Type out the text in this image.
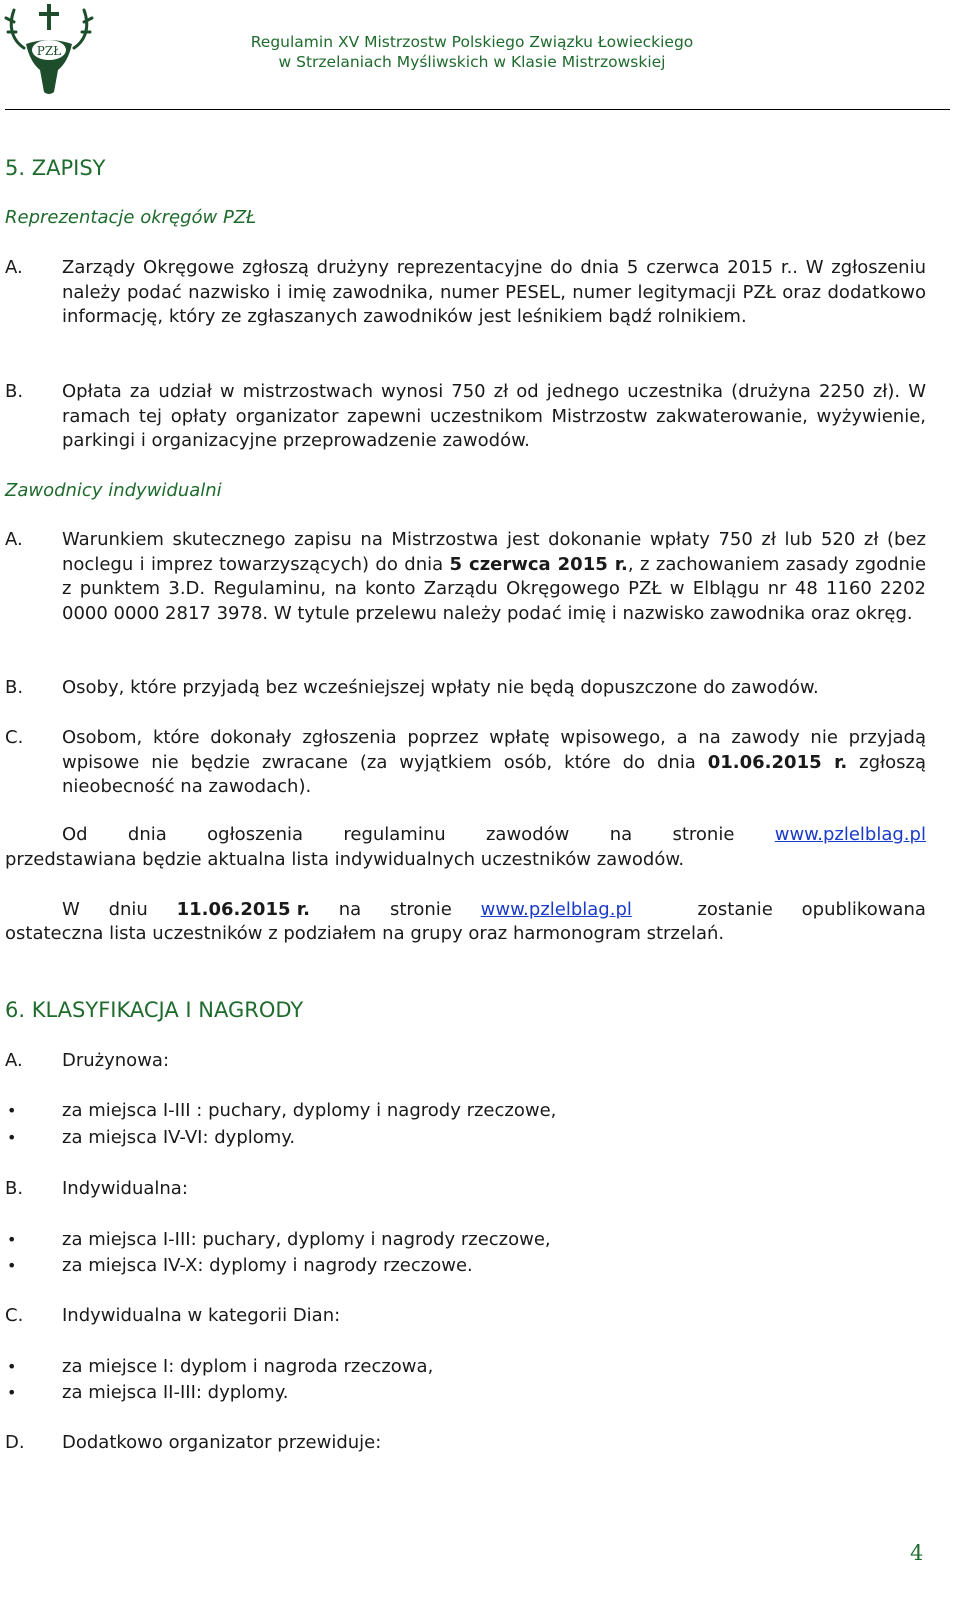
PZŁ	Regulamin XV Mistrzostw Polskiego Związku Łowieckiego
w Strzelaniach Myśliwskich w Klasie Mistrzowskiej
5. ZAPISY
Reprezentacje okręgów PZŁ
A. Zarządy Okręgowe zgłoszą drużyny reprezentacyjne do dnia 5 czerwca 2015 r.. W zgłoszeniu należy podać nazwisko i imię zawodnika, numer PESEL, numer legitymacji PZŁ oraz dodatkowo informację, który ze zgłaszanych zawodników jest leśnikiem bądź rolnikiem.
B. Opłata za udział w mistrzostwach wynosi 750 zł od jednego uczestnika (drużyna 2250 zł). W ramach tej opłaty organizator zapewni uczestnikom Mistrzostw zakwaterowanie, wyżywienie, parkingi i organizacyjne przeprowadzenie zawodów.
Zawodnicy indywidualni
A. Warunkiem skutecznego zapisu na Mistrzostwa jest dokonanie wpłaty 750 zł lub 520 zł (bez noclegu i imprez towarzyszących) do dnia 5 czerwca 2015 r., z zachowaniem zasady zgodnie z punktem 3.D. Regulaminu, na konto Zarządu Okręgowego PZŁ w Elblągu nr 48 1160 2202 0000 0000 2817 3978. W tytule przelewu należy podać imię i nazwisko zawodnika oraz okręg.
B. Osoby, które przyjadą bez wcześniejszej wpłaty nie będą dopuszczone do zawodów.
C. Osobom, które dokonały zgłoszenia poprzez wpłatę wpisowego, a na zawody nie przyjadą wpisowe nie będzie zwracane (za wyjątkiem osób, które do dnia 01.06.2015 r. zgłoszą nieobecność na zawodach).
Od dnia ogłoszenia regulaminu zawodów na stronie www.pzlelblag.pl
przedstawiana będzie aktualna lista indywidualnych uczestników zawodów.
W dniu 11.06.2015 r. na stronie www.pzlelblag.pl	zostanie opublikowana
ostateczna lista uczestników z podziałem na grupy oraz harmonogram strzelań.
6. KLASYFIKACJA I NAGRODY
A. Drużynowa:
•	za miejsca I-III : puchary, dyplomy i nagrody rzeczowe,
•	za miejsca IV-VI: dyplomy.
B. Indywidualna:
•	za miejsca I-III: puchary, dyplomy i nagrody rzeczowe,
•	za miejsca IV-X: dyplomy i nagrody rzeczowe.
C. Indywidualna w kategorii Dian:
•	za miejsce I: dyplom i nagroda rzeczowa,
•	za miejsca II-III: dyplomy.
D. Dodatkowo organizator przewiduje:
4
